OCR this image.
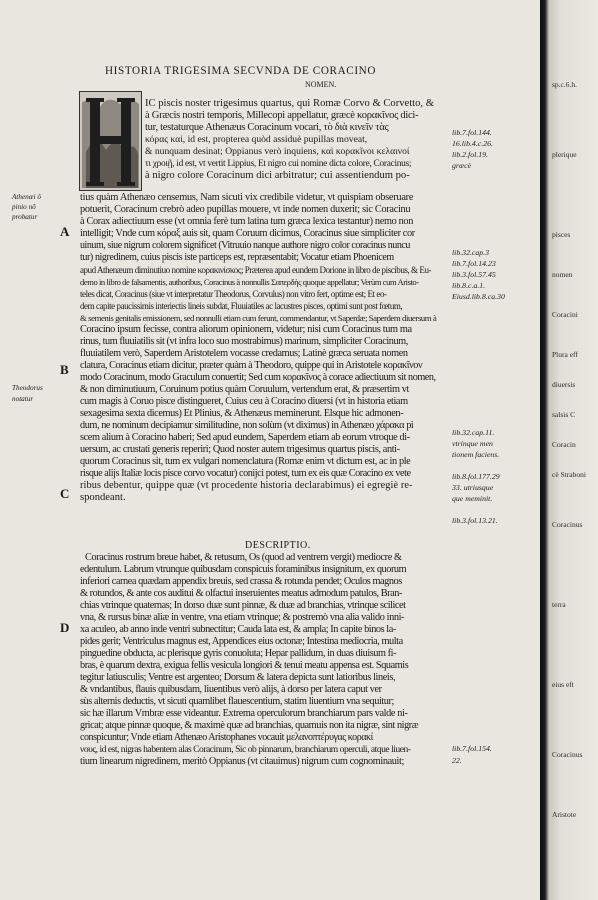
HISTORIA TRIGESIMA SECVNDA DE CORACINO
NOMEN.
IC piscis noster trigesimus quartus, qui Romæ Corvo & Corvetto, &
à Græcis nostri temporis, Millecopi appellatur, græcè κορακῖνος dici-
tur, testaturque Athenæus Coracinum vocari, τὸ διὰ κινεῖν τὰς
κόρας καί, id est, propterea quòd assiduè pupillas moveat,
& nunquam desinat; Oppianus verò inquiens, καὶ κορακῖνοι κελαινοί
τι χροιῇ, id est, vt vertit Lippius, Et nigro cui nomine dicta colore, Coracinus;
à nigro colore Coracinum dici arbitratur; cui assentiendum po-
tius quàm Athenæo censemus, Nam sicuti vix credibile videtur, vt quispiam obseruare
potuerit, Coracinum crebrò adeo pupillas mouere, vt inde nomen duxerit; sic Coracinu
à Corax adiectiuum esse (vt omnia ferè tum latina tum græca lexica testantur) nemo non
intelligit; Vnde cum κόραξ auis sit, quam Coruum dicimus, Coracinus siue simpliciter cor
uinum, siue nigrum colorem significet (Vitruuio nanque authore nigro color coracinus nuncu
tur) nigredinem, cuius piscis iste particeps est, repræsentabit; Vocatur etiam Phoenicem
apud Athenæum diminutiuo nomine κορακινίσκος; Præterea apud eundem Dorione in libro de piscibus, & Eu-
demo in libro de falsamentis, authoribus, Coracinus à nonnullis Σαπερδὴς quoque appellatur; Verùm cum Aristo-
teles dicat, Coracinus (siue vt interpretatur Theodorus, Corvulus) non vitro fert, optime est; Et eo-
dem capite paucissimis interiectis lineis subdat, Fluuiatiles ac lacustres pisces, optimi sunt post fœtum,
& semenis genitalis emissionem, sed nonnulli etiam cum ferunt, commendantur, vt Saperdæ; Saperdem diuersum à
Coracino ipsum fecisse, contra aliorum opinionem, videtur; nisi cum Coracinus tum ma
rinus, tum fluuiatilis sit (vt infra loco suo mostrabimus) marinum, simpliciter Coracinum,
fluuiatilem verò, Saperdem Aristotelem vocasse credamus; Latinè græca seruata nomen
clatura, Coracinus etiam dicitur, præter quàm à Theodoro, quippe qui in Aristotele κορακῖνον
modo Coracinum, modo Graculum conuertit; Sed cum κορακῖνος à corace adiectiuum sit nomen,
& non diminutiuum, Coruinum potius quàm Coruulum, vertendum erat, & præsertim vt
cum magis à Coruo pisce distingueret, Cuius ceu à Coracino diuersi (vt in historia etiam
sexagesima sexta dicemus) Et Plinius, & Athenæus meminerunt. Elsque hic admonen-
dum, ne nominum decipiamur similitudine, non solùm (vt diximus) in Athenæo χάρακα pi
scem alium à Coracino haberi; Sed apud eundem, Saperdem etiam ab eorum vtroque di-
uersum, ac crustati generis reperiri; Quod noster autem trigesimus quartus piscis, anti-
quorum Coracinus sit, tum ex vulgari nomenclatura (Romæ enim vt dictum est, ac in ple
risque alijs Italiæ locis pisce corvo vocatur) conijci potest, tum ex eis quæ Coracino ex vete
ribus debentur, quippe quæ (vt procedente historia declarabimus) ei egregiè re-
spondeant.
DESCRIPTIO.
Coracinus rostrum breue habet, & retusum, Os (quod ad ventrem vergit) mediocre &
edentulum. Labrum vtrunque quibusdam conspicuis foraminibus insignitum, ex quorum
inferiori carnea quædam appendix breuis, sed crassa & rotunda pendet; Oculos magnos
& rotundos, & ante cos auditui & olfactui inseruientes meatus admodum patulos, Bran-
chias vtrinque quaternas; In dorso duæ sunt pinnæ, & duæ ad branchias, vtrinque scilicet
vna, & rursus binæ aliæ in ventre, vna etiam vtrinque; & postremò vna alia valido inni-
xa aculeo, ab anno inde ventri subnectitur; Cauda lata est, & ampla; In capite binos la-
pides gerit; Ventriculus magnus est, Appendices eius octonæ; Intestina mediocria, multa
pinguedine obducta, ac plerisque gyris conuoluta; Hepar pallidum, in duas diuisum fi-
bras, è quarum dextra, exigua fellis vesicula longiori & tenui meatu appensa est. Squamis
tegitur latiusculis; Ventre est argenteo; Dorsum & latera depicta sunt latioribus lineis,
& vndantibus, flauis quibusdam, liuentibus verò alijs, à dorso per latera caput ver
sùs alternis deductis, vt sicuti quamlibet flauescentium, statim liuentium vna sequitur;
sic hæ illarum Vmbræ esse videantur. Extrema operculorum branchiarum pars valde ni-
gricat; atque pinnæ quoque, & maximè quæ ad branchias, quamuis non ita nigræ, sint nigræ
conspicuntur; Vnde etiam Athenæo Aristophanes vocauit μελανοπτέρυγας κορακί
νους, id est, nigras habentem alas Coracinum, Sic ob pinnarum, branchiarum operculi, atque liuen-
tium linearum nigredinem, meritò Oppianus (vt citauimus) nigrum cum cognominauit;
Athenæi ô
pinio nõ
probatur
Theodorus
notatur
A
B
C
D
lib.7.fol.144.
16.lib.4.c.26.
lib.2.fol.19.
græcè
lib.32.cap.3
lib.7.fol.14.23
lib.3.fol.57.45
lib.8.c.a.1.
Eiusd.lib.8.ca.30
lib.32.cap.11.
vtrinque men
tionem faciens.
lib.8.fol.177.29
33. utriusque
que meminit.
lib.3.fol.13.21.
lib.7.fol.154.
22.
sp.c.6.h.
plerique
pisces
nomen
Coracini
Plura eff
diuersis
salsis C
Coracin
cè Straboni
Coracinus
terra
eius eft
Coracinus
Aristote
